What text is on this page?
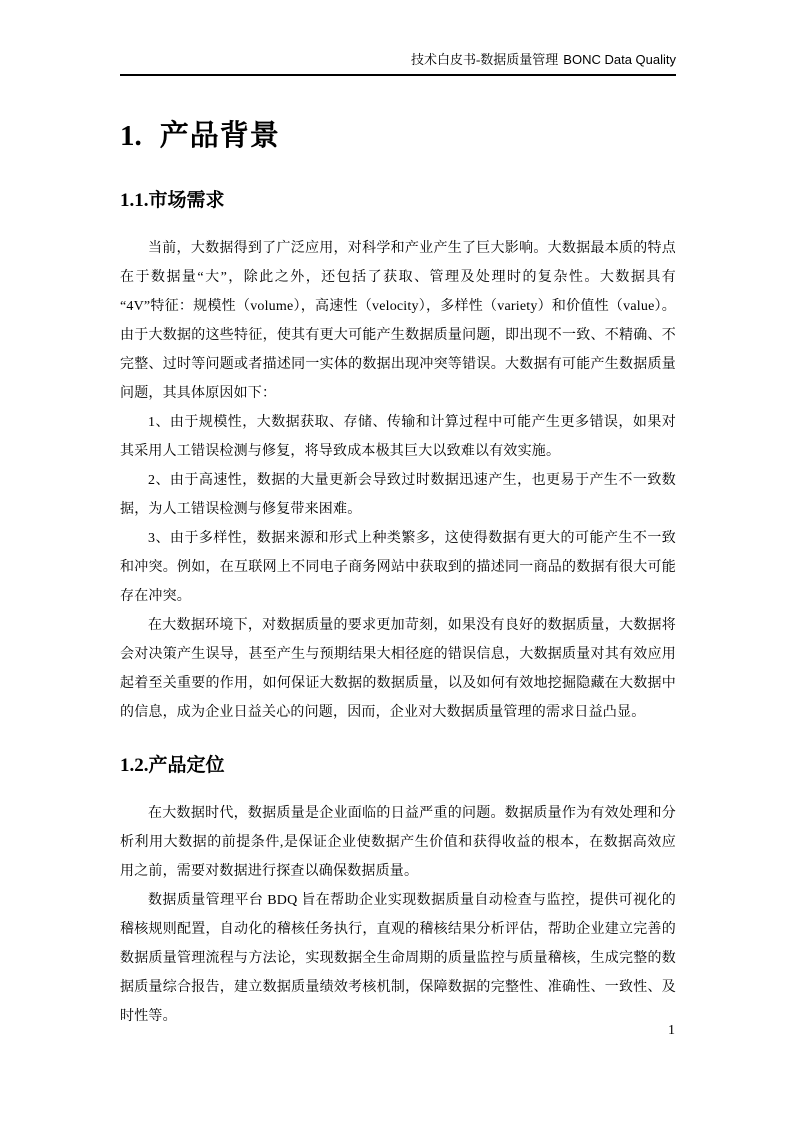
技术白皮书-数据质量管理 BONC Data Quality
1. 产品背景
1.1.市场需求

当前，大数据得到了广泛应用，对科学和产业产生了巨大影响。大数据最本质的特点在于数据量“大”，除此之外，还包括了获取、管理及处理时的复杂性。大数据具有 “4V”特征：规模性（volume），高速性（velocity），多样性（variety）和价值性（value）。由于大数据的这些特征，使其有更大可能产生数据质量问题，即出现不一致、不精确、不完整、过时等问题或者描述同一实体的数据出现冲突等错误。大数据有可能产生数据质量问题，其具体原因如下：

1、由于规模性，大数据获取、存储、传输和计算过程中可能产生更多错误，如果对其采用人工错误检测与修复，将导致成本极其巨大以致难以有效实施。

2、由于高速性，数据的大量更新会导致过时数据迅速产生，也更易于产生不一致数据，为人工错误检测与修复带来困难。

3、由于多样性，数据来源和形式上种类繁多，这使得数据有更大的可能产生不一致和冲突。例如，在互联网上不同电子商务网站中获取到的描述同一商品的数据有很大可能存在冲突。

在大数据环境下，对数据质量的要求更加苛刻，如果没有良好的数据质量，大数据将会对决策产生误导，甚至产生与预期结果大相径庭的错误信息，大数据质量对其有效应用起着至关重要的作用，如何保证大数据的数据质量，以及如何有效地挖掘隐藏在大数据中的信息，成为企业日益关心的问题，因而，企业对大数据质量管理的需求日益凸显。

1.2.产品定位

在大数据时代，数据质量是企业面临的日益严重的问题。数据质量作为有效处理和分析利用大数据的前提条件,是保证企业使数据产生价值和获得收益的根本，在数据高效应用之前，需要对数据进行探查以确保数据质量。

数据质量管理平台 BDQ 旨在帮助企业实现数据质量自动检查与监控，提供可视化的稽核规则配置，自动化的稽核任务执行，直观的稽核结果分析评估，帮助企业建立完善的数据质量管理流程与方法论，实现数据全生命周期的质量监控与质量稽核，生成完整的数据质量综合报告，建立数据质量绩效考核机制，保障数据的完整性、准确性、一致性、及时性等。

1
